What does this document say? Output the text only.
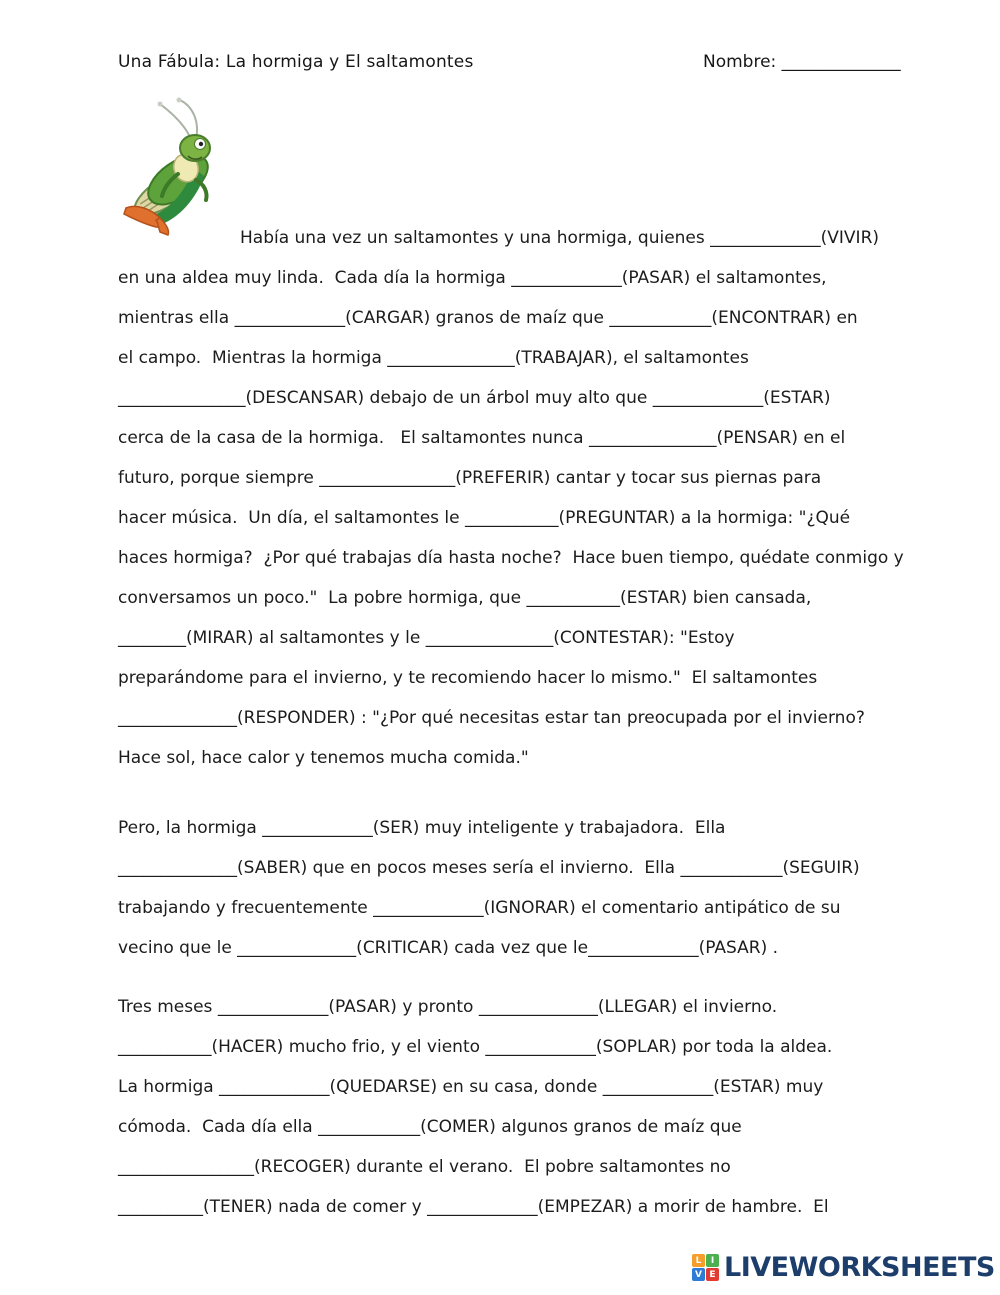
Una Fábula: La hormiga y El saltamontes	Nombre: ______________
Había una vez un saltamontes y una hormiga, quienes _____________(VIVIR)
en una aldea muy linda.  Cada día la hormiga _____________(PASAR) el saltamontes,
mientras ella _____________(CARGAR) granos de maíz que ____________(ENCONTRAR) en
el campo.  Mientras la hormiga _______________(TRABAJAR), el saltamontes
_______________(DESCANSAR) debajo de un árbol muy alto que _____________(ESTAR)
cerca de la casa de la hormiga.   El saltamontes nunca _______________(PENSAR) en el
futuro, porque siempre ________________(PREFERIR) cantar y tocar sus piernas para
hacer música.  Un día, el saltamontes le ___________(PREGUNTAR) a la hormiga: "¿Qué
haces hormiga?  ¿Por qué trabajas día hasta noche?  Hace buen tiempo, quédate conmigo y
conversamos un poco."  La pobre hormiga, que ___________(ESTAR) bien cansada,
________(MIRAR) al saltamontes y le _______________(CONTESTAR): "Estoy
preparándome para el invierno, y te recomiendo hacer lo mismo."  El saltamontes
______________(RESPONDER) : "¿Por qué necesitas estar tan preocupada por el invierno?
Hace sol, hace calor y tenemos mucha comida."
Pero, la hormiga _____________(SER) muy inteligente y trabajadora.  Ella
______________(SABER) que en pocos meses sería el invierno.  Ella ____________(SEGUIR)
trabajando y frecuentemente _____________(IGNORAR) el comentario antipático de su
vecino que le ______________(CRITICAR) cada vez que le_____________(PASAR) .
Tres meses _____________(PASAR) y pronto ______________(LLEGAR) el invierno.
___________(HACER) mucho frio, y el viento _____________(SOPLAR) por toda la aldea.
La hormiga _____________(QUEDARSE) en su casa, donde _____________(ESTAR) muy
cómoda.  Cada día ella ____________(COMER) algunos granos de maíz que
________________(RECOGER) durante el verano.  El pobre saltamontes no
__________(TENER) nada de comer y _____________(EMPEZAR) a morir de hambre.  El
L	I
V E LIVEWORKSHEETS
